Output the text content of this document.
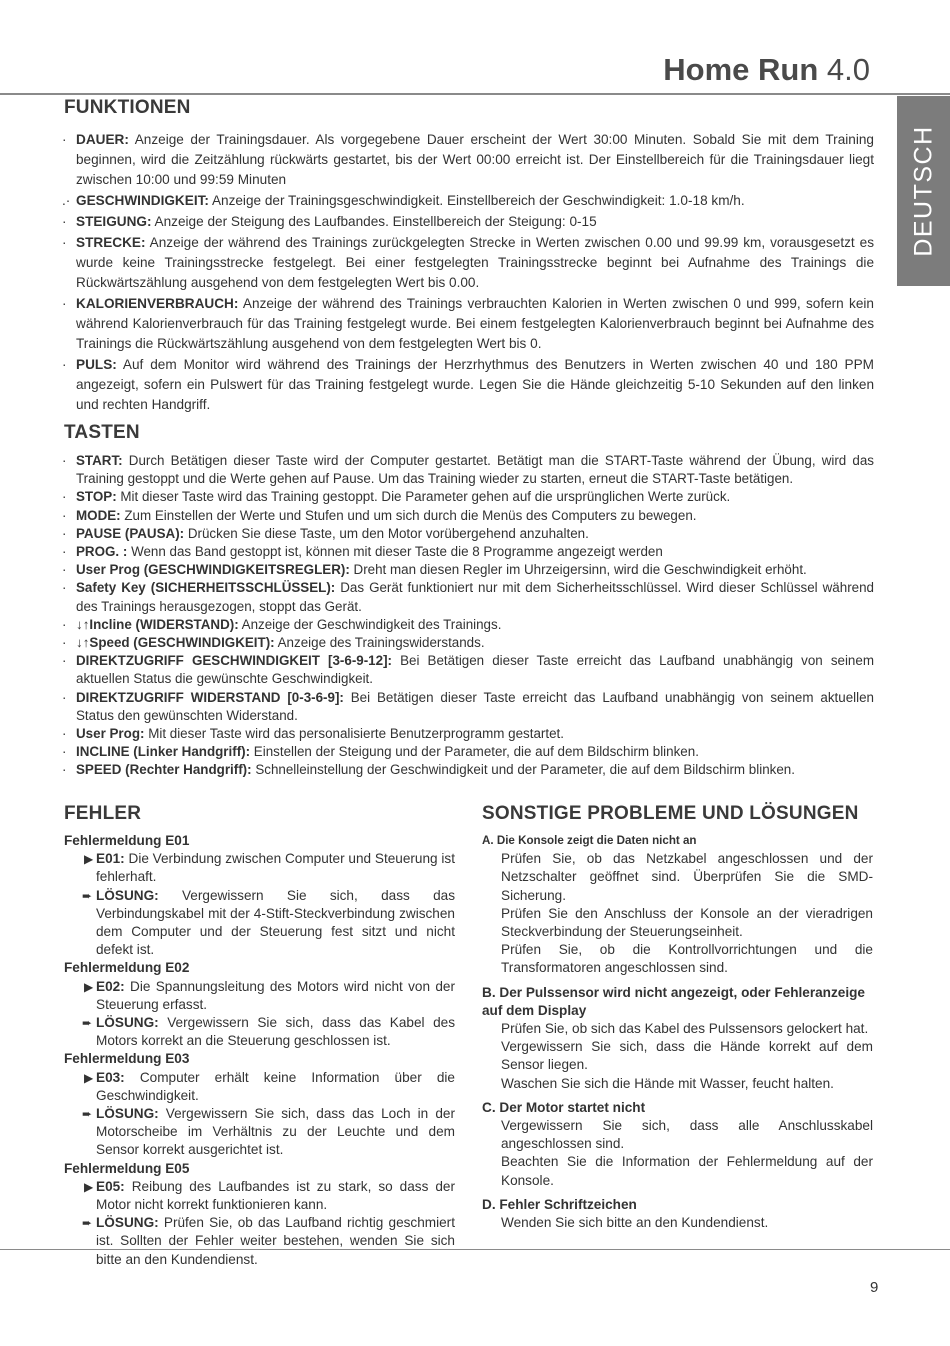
Home Run 4.0
DEUTSCH
FUNKTIONEN
· DAUER: Anzeige der Trainingsdauer. Als vorgegebene Dauer erscheint der Wert 30:00 Minuten. Sobald Sie mit dem Training beginnen, wird die Zeitzählung rückwärts gestartet, bis der Wert 00:00 erreicht ist. Der Einstellbereich für die Trainingsdauer liegt zwischen 10:00 und 99:59 Minuten
.· GESCHWINDIGKEIT: Anzeige der Trainingsgeschwindigkeit. Einstellbereich der Geschwindigkeit: 1.0-18 km/h.
· STEIGUNG: Anzeige der Steigung des Laufbandes. Einstellbereich der Steigung: 0-15
· STRECKE: Anzeige der während des Trainings zurückgelegten Strecke in Werten zwischen 0.00 und 99.99 km, vorausgesetzt es wurde keine Trainingsstrecke festgelegt. Bei einer festgelegten Trainingsstrecke beginnt bei Aufnahme des Trainings die Rückwärtszählung ausgehend von dem festgelegten Wert bis 0.00.
· KALORIENVERBRAUCH: Anzeige der während des Trainings verbrauchten Kalorien in Werten zwischen 0 und 999, sofern kein während Kalorienverbrauch für das Training festgelegt wurde. Bei einem festgelegten Kalorienverbrauch beginnt bei Aufnahme des Trainings die Rückwärtszählung ausgehend von dem festgelegten Wert bis 0.
· PULS: Auf dem Monitor wird während des Trainings der Herzrhythmus des Benutzers in Werten zwischen 40 und 180 PPM angezeigt, sofern ein Pulswert für das Training festgelegt wurde. Legen Sie die Hände gleichzeitig 5-10 Sekunden auf den linken und rechten Handgriff.
TASTEN
· START: Durch Betätigen dieser Taste wird der Computer gestartet. Betätigt man die START-Taste während der Übung, wird das Training gestoppt und die Werte gehen auf Pause. Um das Training wieder zu starten, erneut die START-Taste betätigen.
· STOP: Mit dieser Taste wird das Training gestoppt. Die Parameter gehen auf die ursprünglichen Werte zurück.
· MODE: Zum Einstellen der Werte und Stufen und um sich durch die Menüs des Computers zu bewegen.
· PAUSE (PAUSA): Drücken Sie diese Taste, um den Motor vorübergehend anzuhalten.
· PROG. : Wenn das Band gestoppt ist, können mit dieser Taste die 8 Programme angezeigt werden
· User Prog (GESCHWINDIGKEITSREGLER): Dreht man diesen Regler im Uhrzeigersinn, wird die Geschwindigkeit erhöht.
· Safety Key (SICHERHEITSSCHLÜSSEL): Das Gerät funktioniert nur mit dem Sicherheitsschlüssel. Wird dieser Schlüssel während des Trainings herausgezogen, stoppt das Gerät.
· ↓↑Incline (WIDERSTAND): Anzeige der Geschwindigkeit des Trainings.
· ↓↑Speed (GESCHWINDIGKEIT): Anzeige des Trainingswiderstands.
· DIREKTZUGRIFF GESCHWINDIGKEIT [3-6-9-12]: Bei Betätigen dieser Taste erreicht das Laufband unabhängig von seinem aktuellen Status die gewünschte Geschwindigkeit.
· DIREKTZUGRIFF WIDERSTAND [0-3-6-9]: Bei Betätigen dieser Taste erreicht das Laufband unabhängig von seinem aktuellen Status den gewünschten Widerstand.
· User Prog: Mit dieser Taste wird das personalisierte Benutzerprogramm gestartet.
· INCLINE (Linker Handgriff): Einstellen der Steigung und der Parameter, die auf dem Bildschirm blinken.
· SPEED (Rechter Handgriff): Schnelleinstellung der Geschwindigkeit und der Parameter, die auf dem Bildschirm blinken.
FEHLER
Fehlermeldung E01
▶ E01: Die Verbindung zwischen Computer und Steuerung ist fehlerhaft.
➨ LÖSUNG: Vergewissern Sie sich, dass das Verbindungskabel mit der 4-Stift-Steckverbindung zwischen dem Computer und der Steuerung fest sitzt und nicht defekt ist.
Fehlermeldung E02
▶ E02: Die Spannungsleitung des Motors wird nicht von der Steuerung erfasst.
➨ LÖSUNG: Vergewissern Sie sich, dass das Kabel des Motors korrekt an die Steuerung geschlossen ist.
Fehlermeldung E03
▶ E03: Computer erhält keine Information über die Geschwindigkeit.
➨ LÖSUNG: Vergewissern Sie sich, dass das Loch in der Motorscheibe im Verhältnis zu der Leuchte und dem Sensor korrekt ausgerichtet ist.
Fehlermeldung E05
▶ E05: Reibung des Laufbandes ist zu stark, so dass der Motor nicht korrekt funktionieren kann.
➨ LÖSUNG: Prüfen Sie, ob das Laufband richtig geschmiert ist. Sollten der Fehler weiter bestehen, wenden Sie sich bitte an den Kundendienst.
SONSTIGE PROBLEME UND LÖSUNGEN
A. Die Konsole zeigt die Daten nicht an
Prüfen Sie, ob das Netzkabel angeschlossen und der Netzschalter geöffnet sind. Überprüfen Sie die SMD-Sicherung.
Prüfen Sie den Anschluss der Konsole an der vieradrigen Steckverbindung der Steuerungseinheit.
Prüfen Sie, ob die Kontrollvorrichtungen und die Transformatoren angeschlossen sind.
B. Der Pulssensor wird nicht angezeigt, oder Fehleranzeige auf dem Display
Prüfen Sie, ob sich das Kabel des Pulssensors gelockert hat.
Vergewissern Sie sich, dass die Hände korrekt auf dem Sensor liegen.
Waschen Sie sich die Hände mit Wasser, feucht halten.
C. Der Motor startet nicht
Vergewissern Sie sich, dass alle Anschlusskabel angeschlossen sind.
Beachten Sie die Information der Fehlermeldung auf der Konsole.
D. Fehler Schriftzeichen
Wenden Sie sich bitte an den Kundendienst.
9
